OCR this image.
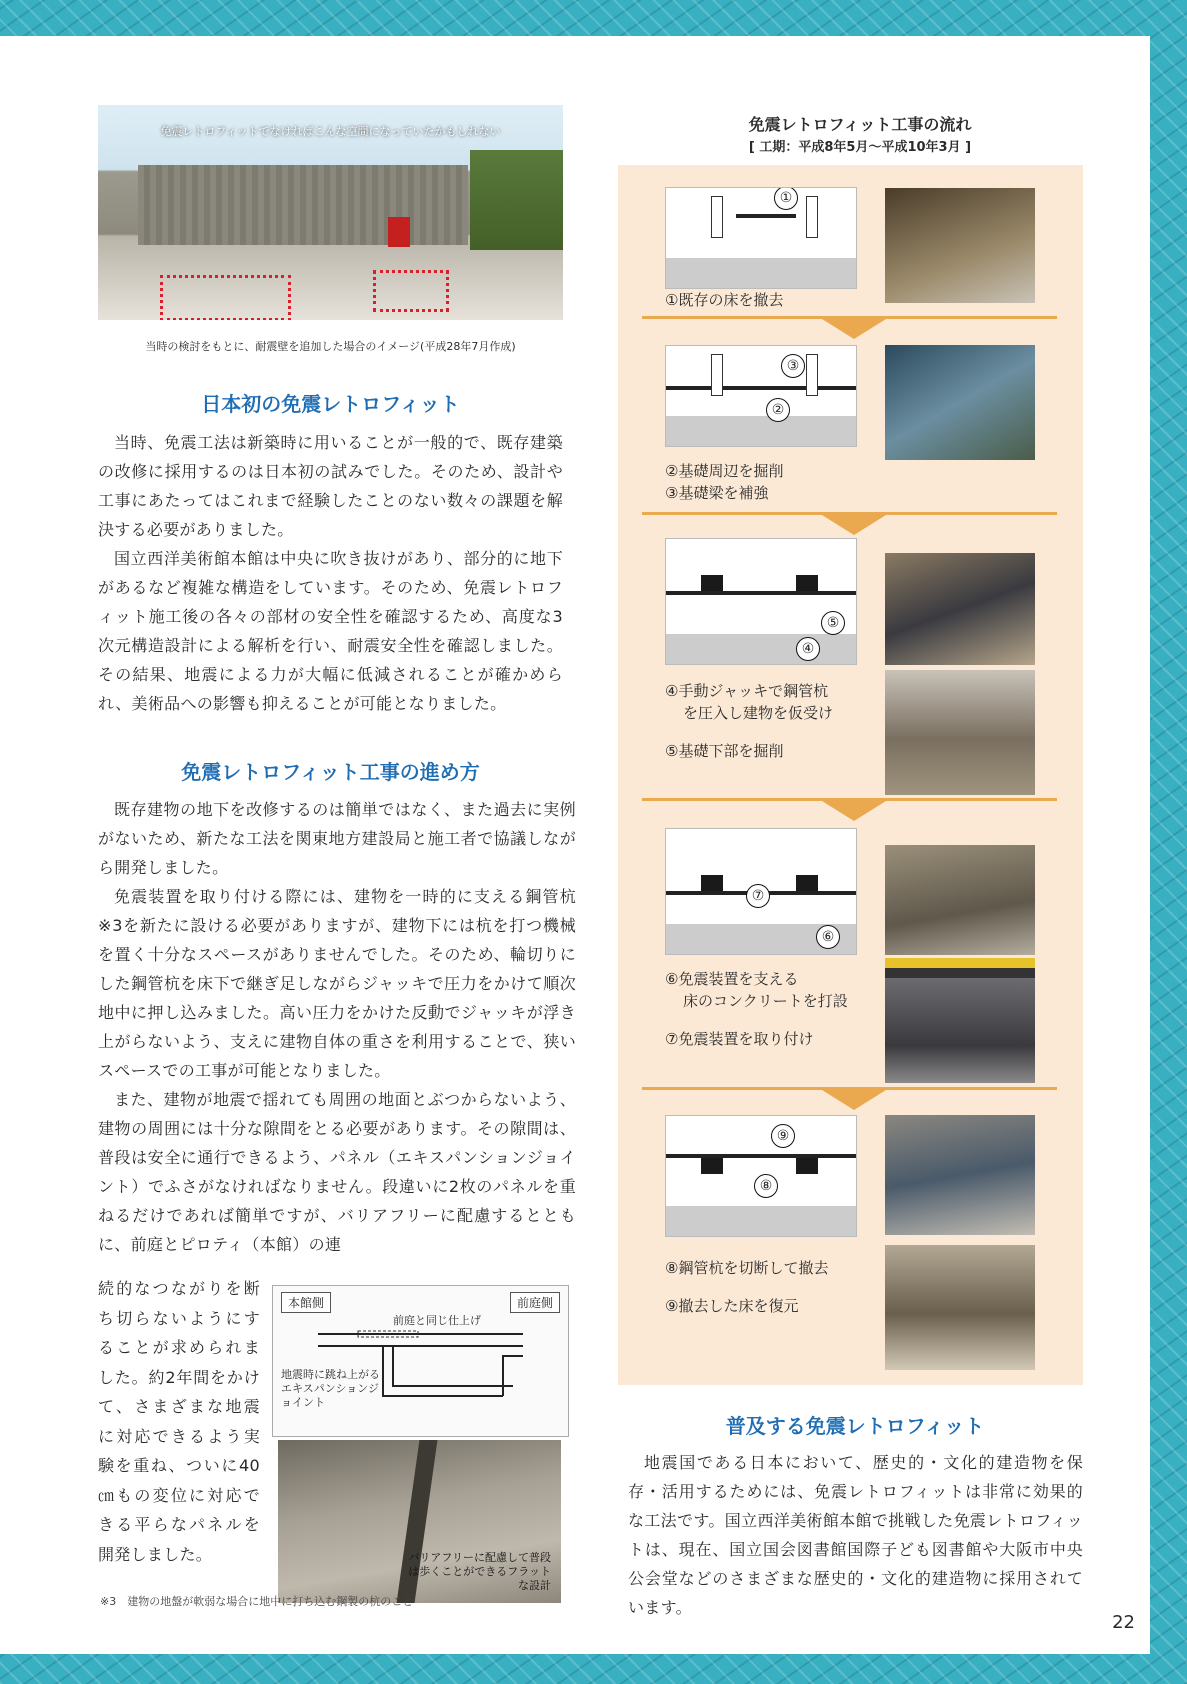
免震レトロフィットでなければこんな空間になっていたかもしれない
当時の検討をもとに、耐震壁を追加した場合のイメージ(平成28年7月作成)
日本初の免震レトロフィット

当時、免震工法は新築時に用いることが一般的で、既存建築の改修に採用するのは日本初の試みでした。そのため、設計や工事にあたってはこれまで経験したことのない数々の課題を解決する必要がありました。

国立西洋美術館本館は中央に吹き抜けがあり、部分的に地下があるなど複雑な構造をしています。そのため、免震レトロフィット施工後の各々の部材の安全性を確認するため、高度な3次元構造設計による解析を行い、耐震安全性を確認しました。その結果、地震による力が大幅に低減されることが確かめられ、美術品への影響も抑えることが可能となりました。

免震レトロフィット工事の進め方

既存建物の地下を改修するのは簡単ではなく、また過去に実例がないため、新たな工法を関東地方建設局と施工者で協議しながら開発しました。

免震装置を取り付ける際には、建物を一時的に支える鋼管杭※3を新たに設ける必要がありますが、建物下には杭を打つ機械を置く十分なスペースがありませんでした。そのため、輪切りにした鋼管杭を床下で継ぎ足しながらジャッキで圧力をかけて順次地中に押し込みました。高い圧力をかけた反動でジャッキが浮き上がらないよう、支えに建物自体の重さを利用することで、狭いスペースでの工事が可能となりました。

また、建物が地震で揺れても周囲の地面とぶつからないよう、建物の周囲には十分な隙間をとる必要があります。その隙間は、普段は安全に通行できるよう、パネル（エキスパンションジョイント）でふさがなければなりません。段違いに2枚のパネルを重ねるだけであれば簡単ですが、バリアフリーに配慮するとともに、前庭とピロティ（本館）の連

続的なつながりを断ち切らないようにすることが求められました。約2年間をかけて、さまざまな地震に対応できるよう実験を重ね、ついに40㎝もの変位に対応できる平らなパネルを開発しました。
本館側	前庭側
前庭と同じ仕上げ
地震時に跳ね上がるエキスパンションジョイント
バリアフリーに配慮して普段は歩くことができるフラットな設計
※3　建物の地盤が軟弱な場合に地中に打ち込む鋼製の杭のこと
免震レトロフィット工事の流れ
[ 工期：平成8年5月〜平成10年3月 ]
①
①既存の床を撤去
③
②
②基礎周辺を掘削
③基礎梁を補強
⑤
④
④手動ジャッキで鋼管杭
を圧入し建物を仮受け
⑤基礎下部を掘削
⑦
⑥
⑥免震装置を支える
床のコンクリートを打設
⑦免震装置を取り付け
⑨
⑧
⑧鋼管杭を切断して撤去
⑨撤去した床を復元
普及する免震レトロフィット

地震国である日本において、歴史的・文化的建造物を保存・活用するためには、免震レトロフィットは非常に効果的な工法です。国立西洋美術館本館で挑戦した免震レトロフィットは、現在、国立国会図書館国際子ども図書館や大阪市中央公会堂などのさまざまな歴史的・文化的建造物に採用されています。

22
